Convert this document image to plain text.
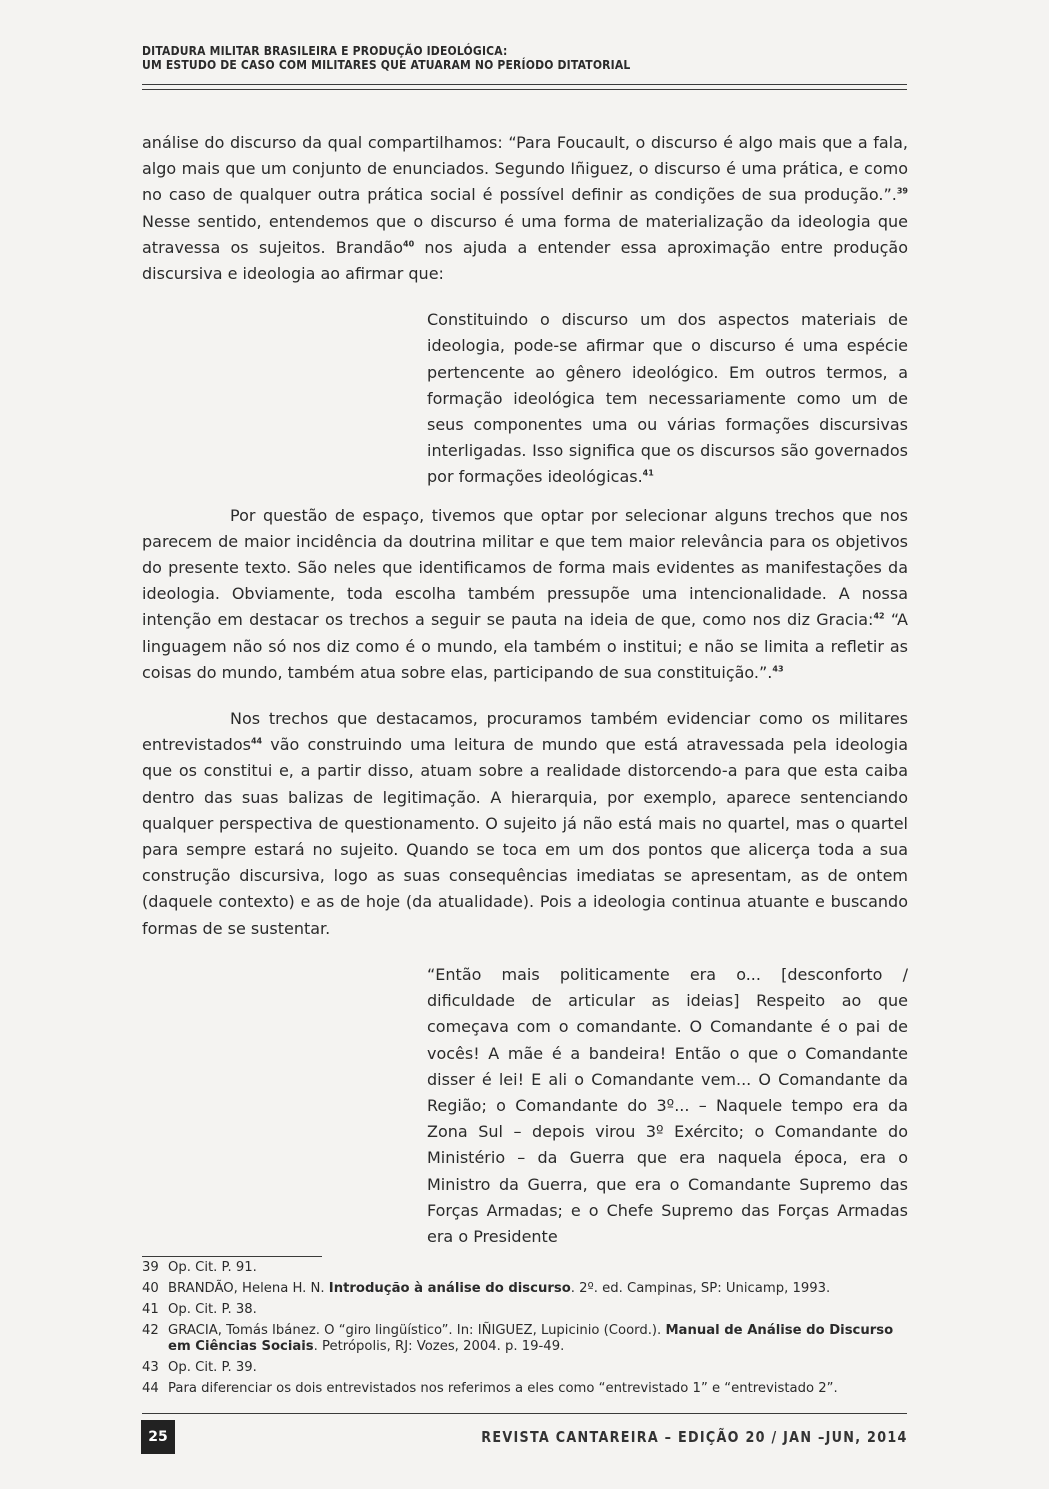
DITADURA MILITAR BRASILEIRA E PRODUÇÃO IDEOLÓGICA:
UM ESTUDO DE CASO COM MILITARES QUE ATUARAM NO PERÍODO DITATORIAL

análise do discurso da qual compartilhamos: “Para Foucault, o discurso é algo mais que a fala, algo mais que um conjunto de enunciados. Segundo Iñiguez, o discurso é uma prática, e como no caso de qualquer outra prática social é possível definir as condições de sua produção.”.$^{39}$ Nesse sentido, entendemos que o discurso é uma forma de materialização da ideologia que atravessa os sujeitos. Brandão$^{40}$ nos ajuda a entender essa aproximação entre produção discursiva e ideologia ao afirmar que:

Constituindo o discurso um dos aspectos materiais de ideologia, pode-se afirmar que o discurso é uma espécie pertencente ao gênero ideológico. Em outros termos, a formação ideológica tem necessariamente como um de seus componentes uma ou várias formações discursivas interligadas. Isso significa que os discursos são governados por formações ideológicas.$^{41}$

Por questão de espaço, tivemos que optar por selecionar alguns trechos que nos parecem de maior incidência da doutrina militar e que tem maior relevância para os objetivos do presente texto. São neles que identificamos de forma mais evidentes as manifestações da ideologia. Obviamente, toda escolha também pressupõe uma intencionalidade. A nossa intenção em destacar os trechos a seguir se pauta na ideia de que, como nos diz Gracia:$^{42}$ “A linguagem não só nos diz como é o mundo, ela também o institui; e não se limita a refletir as coisas do mundo, também atua sobre elas, participando de sua constituição.”.$^{43}$

Nos trechos que destacamos, procuramos também evidenciar como os militares entrevistados$^{44}$ vão construindo uma leitura de mundo que está atravessada pela ideologia que os constitui e, a partir disso, atuam sobre a realidade distorcendo-a para que esta caiba dentro das suas balizas de legitimação. A hierarquia, por exemplo, aparece sentenciando qualquer perspectiva de questionamento. O sujeito já não está mais no quartel, mas o quartel para sempre estará no sujeito. Quando se toca em um dos pontos que alicerça toda a sua construção discursiva, logo as suas consequências imediatas se apresentam, as de ontem (daquele contexto) e as de hoje (da atualidade). Pois a ideologia continua atuante e buscando formas de se sustentar.

“Então mais politicamente era o... [desconforto / dificuldade de articular as ideias] Respeito ao que começava com o comandante. O Comandante é o pai de vocês! A mãe é a bandeira! Então o que o Comandante disser é lei! E ali o Comandante vem... O Comandante da Região; o Comandante do 3º... – Naquele tempo era da Zona Sul – depois virou 3º Exército; o Comandante do Ministério – da Guerra que era naquela época, era o Ministro da Guerra, que era o Comandante Supremo das Forças Armadas; e o Chefe Supremo das Forças Armadas era o Presidente

39 Op. Cit. P. 91.
40 BRANDÃO, Helena H. N. Introdução à análise do discurso. 2º. ed. Campinas, SP: Unicamp, 1993.
41 Op. Cit. P. 38.
42 GRACIA, Tomás Ibánez. O “giro lingüístico”. In: IÑIGUEZ, Lupicinio (Coord.). Manual de Análise do Discurso em Ciências Sociais. Petrópolis, RJ: Vozes, 2004. p. 19-49.
43 Op. Cit. P. 39.
44 Para diferenciar os dois entrevistados nos referimos a eles como “entrevistado 1” e “entrevistado 2”.
25	REVISTA CANTAREIRA – EDIÇÃO 20 / JAN –JUN, 2014
